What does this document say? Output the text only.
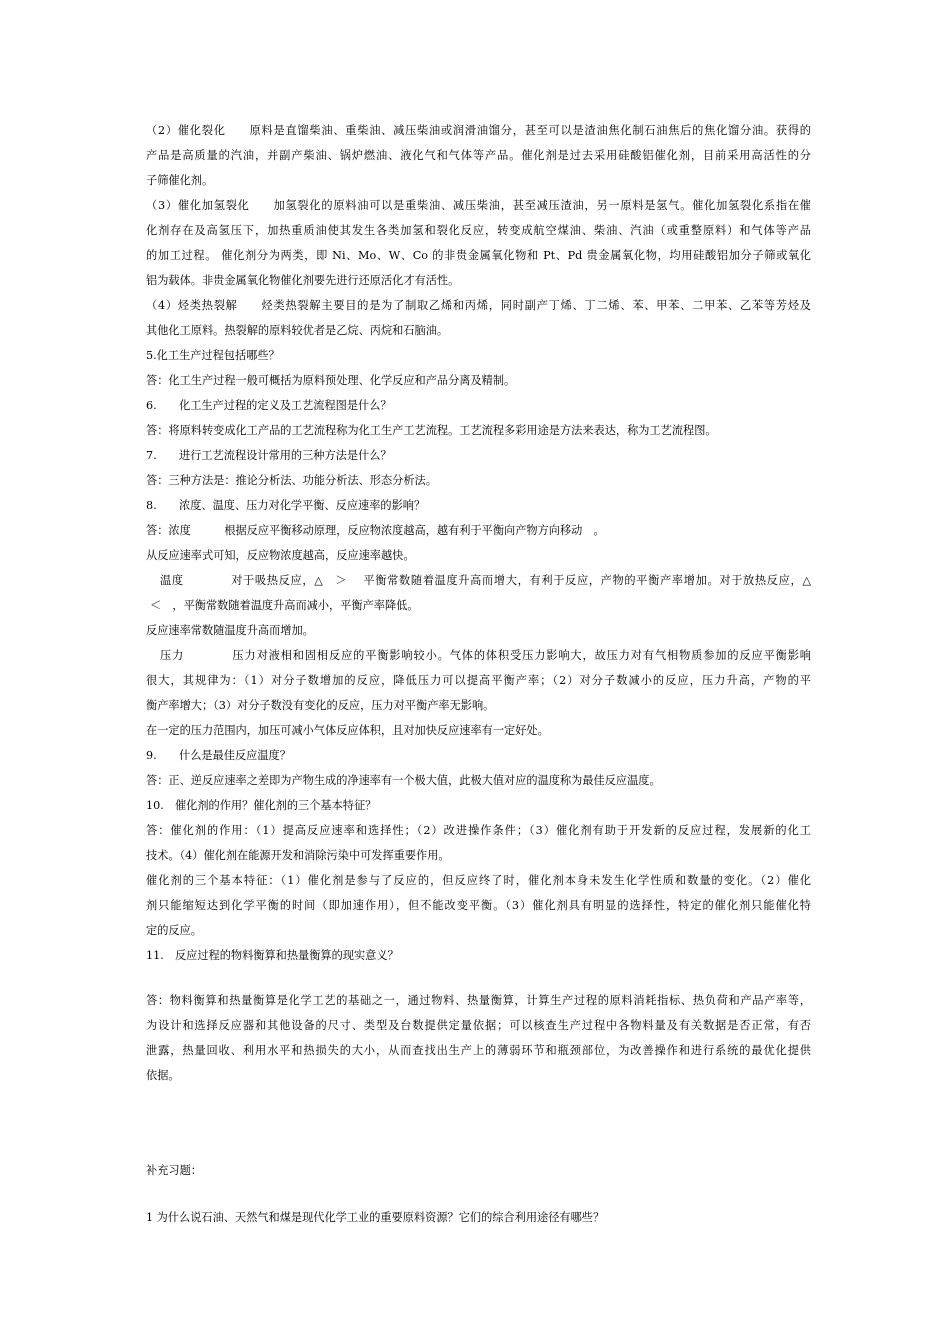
（2）催化裂化　　原料是直馏柴油、重柴油、减压柴油或润滑油馏分，甚至可以是渣油焦化制石油焦后的焦化馏分油。获得的
产品是高质量的汽油，并副产柴油、锅炉燃油、液化气和气体等产品。催化剂是过去采用硅酸铝催化剂，目前采用高活性的分
子筛催化剂。
（3）催化加氢裂化　　加氢裂化的原料油可以是重柴油、减压柴油，甚至减压渣油，另一原料是氢气。催化加氢裂化系指在催
化剂存在及高氢压下，加热重质油使其发生各类加氢和裂化反应，转变成航空煤油、柴油、汽油（或重整原料）和气体等产品
的加工过程。 催化剂分为两类，即 Ni、Mo、W、Co 的非贵金属氧化物和 Pt、Pd 贵金属氧化物，均用硅酸铝加分子筛或氧化
铝为载体。非贵金属氧化物催化剂要先进行还原活化才有活性。
（4）烃类热裂解　　烃类热裂解主要目的是为了制取乙烯和丙烯，同时副产丁烯、丁二烯、苯、甲苯、二甲苯、乙苯等芳烃及
其他化工原料。热裂解的原料较优者是乙烷、丙烷和石脑油。
5.化工生产过程包括哪些？
答：化工生产过程一般可概括为原料预处理、化学反应和产品分离及精制。
6.　　化工生产过程的定义及工艺流程图是什么？
答：将原料转变成化工产品的工艺流程称为化工生产工艺流程。工艺流程多彩用途是方法来表达，称为工艺流程图。
7.　　进行工艺流程设计常用的三种方法是什么？
答：三种方法是：推论分析法、功能分析法、形态分析法。
8.　　浓度、温度、压力对化学平衡、反应速率的影响？
答：浓度　　　根据反应平衡移动原理，反应物浓度越高，越有利于平衡向产物方向移动　。
从反应速率式可知，反应物浓度越高，反应速率越快。
温度　　　　对于吸热反应，△　＞　 平衡常数随着温度升高而增大，有利于反应，产物的平衡产率增加。对于放热反应，△
＜　，平衡常数随着温度升高而减小，平衡产率降低。
反应速率常数随温度升高而增加。
压力　　　　压力对液相和固相反应的平衡影响较小。气体的体积受压力影响大，故压力对有气相物质参加的反应平衡影响
很大，其规律为：（1）对分子数增加的反应，降低压力可以提高平衡产率；（2）对分子数减小的反应，压力升高，产物的平
衡产率增大；（3）对分子数没有变化的反应，压力对平衡产率无影响。
在一定的压力范围内，加压可减小气体反应体积，且对加快反应速率有一定好处。
9.　　什么是最佳反应温度？
答：正、逆反应速率之差即为产物生成的净速率有一个极大值，此极大值对应的温度称为最佳反应温度。
10.　催化剂的作用？催化剂的三个基本特征？
答：催化剂的作用：（1）提高反应速率和选择性；（2）改进操作条件；（3）催化剂有助于开发新的反应过程，发展新的化工
技术。（4）催化剂在能源开发和消除污染中可发挥重要作用。
催化剂的三个基本特征：（1）催化剂是参与了反应的，但反应终了时，催化剂本身未发生化学性质和数量的变化。（2）催化
剂只能缩短达到化学平衡的时间（即加速作用），但不能改变平衡。（3）催化剂具有明显的选择性，特定的催化剂只能催化特
定的反应。
11.　反应过程的物料衡算和热量衡算的现实意义？
答：物料衡算和热量衡算是化学工艺的基础之一，通过物料、热量衡算，计算生产过程的原料消耗指标、热负荷和产品产率等，
为设计和选择反应器和其他设备的尺寸、类型及台数提供定量依据；可以核查生产过程中各物料量及有关数据是否正常，有否
泄露，热量回收、利用水平和热损失的大小，从而查找出生产上的薄弱环节和瓶颈部位，为改善操作和进行系统的最优化提供
依据。
补充习题：
1 为什么说石油、天然气和煤是现代化学工业的重要原料资源？它们的综合利用途径有哪些？
